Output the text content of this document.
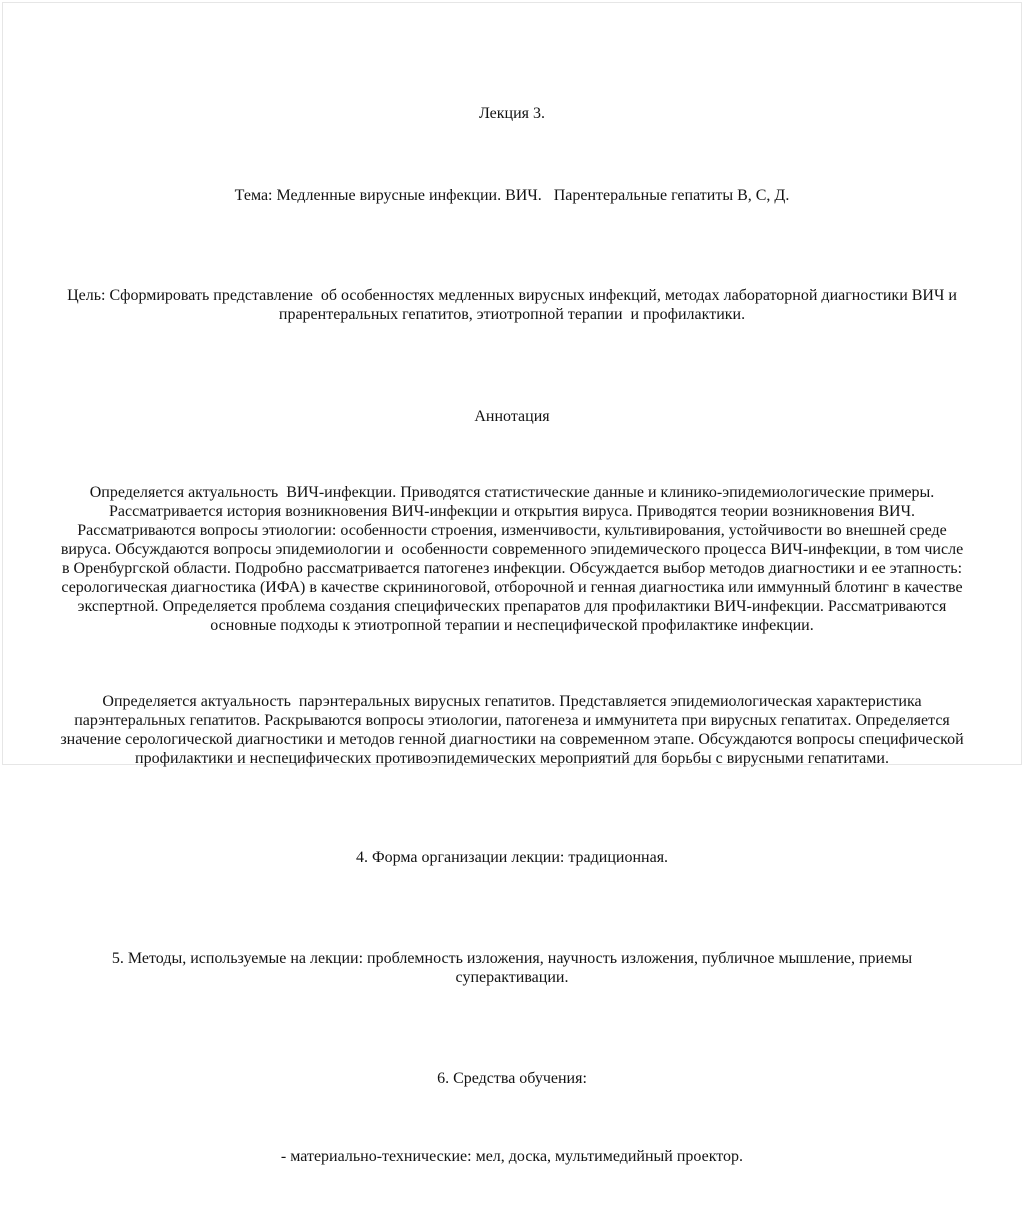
Лекция 3.

Тема: Медленные вирусные инфекции. ВИЧ.   Парентеральные гепатиты В, С, Д.

Цель: Сформировать представление  об особенностях медленных вирусных инфекций, методах лабораторной диагностики ВИЧ и прарентеральных гепатитов, этиотропной терапии  и профилактики.

Аннотация

Определяется актуальность  ВИЧ-инфекции. Приводятся статистические данные и клинико-эпидемиологические примеры. Рассматривается история возникновения ВИЧ-инфекции и открытия вируса. Приводятся теории возникновения ВИЧ. Рассматриваются вопросы этиологии: особенности строения, изменчивости, культивирования, устойчивости во внешней среде вируса. Обсуждаются вопросы эпидемиологии и  особенности современного эпидемического процесса ВИЧ-инфекции, в том числе в Оренбургской области. Подробно рассматривается патогенез инфекции. Обсуждается выбор методов диагностики и ее этапность: серологическая диагностика (ИФА) в качестве скрининоговой, отборочной и генная диагностика или иммунный блотинг в качестве экспертной. Определяется проблема создания специфических препаратов для профилактики ВИЧ-инфекции. Рассматриваются основные подходы к этиотропной терапии и неспецифической профилактике инфекции.

Определяется актуальность  парэнтеральных вирусных гепатитов. Представляется эпидемиологическая характеристика парэнтеральных гепатитов. Раскрываются вопросы этиологии, патогенеза и иммунитета при вирусных гепатитах. Определяется значение серологической диагностики и методов генной диагностики на современном этапе. Обсуждаются вопросы специфической профилактики и неспецифических противоэпидемических мероприятий для борьбы с вирусными гепатитами.

4. Форма организации лекции: традиционная.

5. Методы, используемые на лекции: проблемность изложения, научность изложения, публичное мышление, приемы суперактивации.

6. Средства обучения:

- материально-технические: мел, доска, мультимедийный проектор.
